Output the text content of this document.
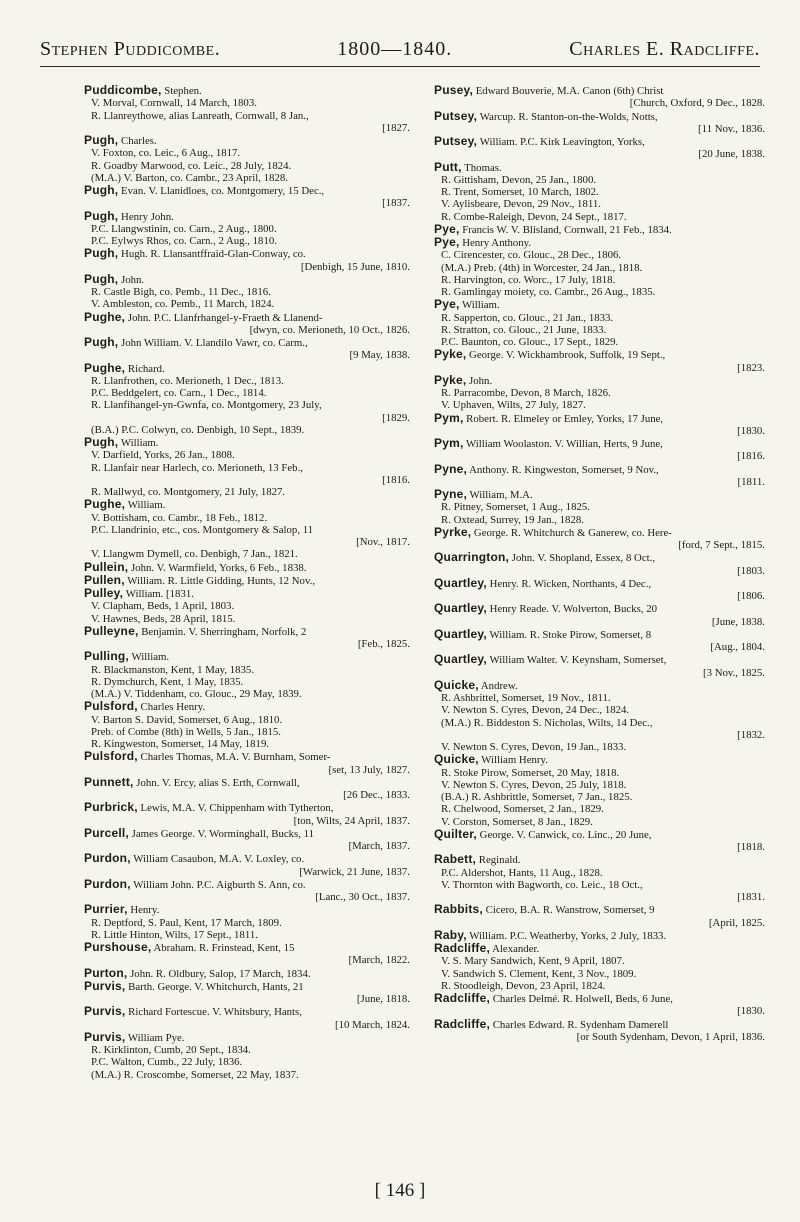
Stephen Puddicombe.	1800—1840.	Charles E. Radcliffe.

Puddicombe, Stephen.
V. Morval, Cornwall, 14 March, 1803.
R. Llanreythowe, alias Lanreath, Cornwall, 8 Jan.,
[1827.

Pugh, Charles.
V. Foxton, co. Leic., 6 Aug., 1817.
R. Goadby Marwood, co. Leic., 28 July, 1824.
(M.A.) V. Barton, co. Cambr., 23 April, 1828.

Pugh, Evan. V. Llanidloes, co. Montgomery, 15 Dec.,
[1837.

Pugh, Henry John.
P.C. Llangwstinin, co. Carn., 2 Aug., 1800.
P.C. Eylwys Rhos, co. Carn., 2 Aug., 1810.

Pugh, Hugh. R. Llansantffraid-Glan-Conway, co.
[Denbigh, 15 June, 1810.

Pugh, John.
R. Castle Bigh, co. Pemb., 11 Dec., 1816.
V. Ambleston, co. Pemb., 11 March, 1824.

Pughe, John. P.C. Llanfrhangel-y-Fraeth & Llanend-
[dwyn, co. Merioneth, 10 Oct., 1826.

Pugh, John William. V. Llandilo Vawr, co. Carm.,
[9 May, 1838.

Pughe, Richard.
R. Llanfrothen, co. Merioneth, 1 Dec., 1813.
P.C. Beddgelert, co. Carn., 1 Dec., 1814.
R. Llanfihangel-yn-Gwnfa, co. Montgomery, 23 July,
[1829.
(B.A.) P.C. Colwyn, co. Denbigh, 10 Sept., 1839.

Pugh, William.
V. Darfield, Yorks, 26 Jan., 1808.
R. Llanfair near Harlech, co. Merioneth, 13 Feb.,
[1816.
R. Mallwyd, co. Montgomery, 21 July, 1827.

Pughe, William.
V. Bottisham, co. Cambr., 18 Feb., 1812.
P.C. Llandrinio, etc., cos. Montgomery & Salop, 11
[Nov., 1817.
V. Llangwm Dymell, co. Denbigh, 7 Jan., 1821.

Pullein, John. V. Warmfield, Yorks, 6 Feb., 1838.

Pullen, William. R. Little Gidding, Hunts, 12 Nov.,

Pulley, William. [1831.
V. Clapham, Beds, 1 April, 1803.
V. Hawnes, Beds, 28 April, 1815.

Pulleyne, Benjamin. V. Sherringham, Norfolk, 2
[Feb., 1825.

Pulling, William.
R. Blackmanston, Kent, 1 May, 1835.
R. Dymchurch, Kent, 1 May, 1835.
(M.A.) V. Tiddenham, co. Glouc., 29 May, 1839.

Pulsford, Charles Henry.
V. Barton S. David, Somerset, 6 Aug., 1810.
Preb. of Combe (8th) in Wells, 5 Jan., 1815.
R. Kingweston, Somerset, 14 May, 1819.

Pulsford, Charles Thomas, M.A. V. Burnham, Somer-
[set, 13 July, 1827.

Punnett, John. V. Ercy, alias S. Erth, Cornwall,
[26 Dec., 1833.

Purbrick, Lewis, M.A. V. Chippenham with Tytherton,
[ton, Wilts, 24 April, 1837.

Purcell, James George. V. Worminghall, Bucks, 11
[March, 1837.

Purdon, William Casaubon, M.A. V. Loxley, co.
[Warwick, 21 June, 1837.

Purdon, William John. P.C. Aigburth S. Ann, co.
[Lanc., 30 Oct., 1837.

Purrier, Henry.
R. Deptford, S. Paul, Kent, 17 March, 1809.
R. Little Hinton, Wilts, 17 Sept., 1811.

Purshouse, Abraham. R. Frinstead, Kent, 15
[March, 1822.

Purton, John. R. Oldbury, Salop, 17 March, 1834.

Purvis, Barth. George. V. Whitchurch, Hants, 21
[June, 1818.

Purvis, Richard Fortescue. V. Whitsbury, Hants,
[10 March, 1824.

Purvis, William Pye.
R. Kirklinton, Cumb, 20 Sept., 1834.
P.C. Walton, Cumb., 22 July, 1836.
(M.A.) R. Croscombe, Somerset, 22 May, 1837.

Pusey, Edward Bouverie, M.A. Canon (6th) Christ
[Church, Oxford, 9 Dec., 1828.

Putsey, Warcup. R. Stanton-on-the-Wolds, Notts,
[11 Nov., 1836.

Putsey, William. P.C. Kirk Leavington, Yorks,
[20 June, 1838.

Putt, Thomas.
R. Gittisham, Devon, 25 Jan., 1800.
R. Trent, Somerset, 10 March, 1802.
V. Aylisbeare, Devon, 29 Nov., 1811.
R. Combe-Raleigh, Devon, 24 Sept., 1817.

Pye, Francis W. V. Blisland, Cornwall, 21 Feb., 1834.

Pye, Henry Anthony.
C. Cirencester, co. Glouc., 28 Dec., 1806.
(M.A.) Preb. (4th) in Worcester, 24 Jan., 1818.
R. Harvington, co. Worc., 17 July, 1818.
R. Gamlingay moiety, co. Cambr., 26 Aug., 1835.

Pye, William.
R. Sapperton, co. Glouc., 21 Jan., 1833.
R. Stratton, co. Glouc., 21 June, 1833.
P.C. Baunton, co. Glouc., 17 Sept., 1829.

Pyke, George. V. Wickhambrook, Suffolk, 19 Sept.,
[1823.

Pyke, John.
R. Parracombe, Devon, 8 March, 1826.
V. Uphaven, Wilts, 27 July, 1827.

Pym, Robert. R. Elmeley or Emley, Yorks, 17 June,
[1830.

Pym, William Woolaston. V. Willian, Herts, 9 June,
[1816.

Pyne, Anthony. R. Kingweston, Somerset, 9 Nov.,
[1811.

Pyne, William, M.A.
R. Pitney, Somerset, 1 Aug., 1825.
R. Oxtead, Surrey, 19 Jan., 1828.

Pyrke, George. R. Whitchurch & Ganerew, co. Here-
[ford, 7 Sept., 1815.

Quarrington, John. V. Shopland, Essex, 8 Oct.,
[1803.

Quartley, Henry. R. Wicken, Northants, 4 Dec.,
[1806.

Quartley, Henry Reade. V. Wolverton, Bucks, 20
[June, 1838.

Quartley, William. R. Stoke Pirow, Somerset, 8
[Aug., 1804.

Quartley, William Walter. V. Keynsham, Somerset,
[3 Nov., 1825.

Quicke, Andrew.
R. Ashbrittel, Somerset, 19 Nov., 1811.
V. Newton S. Cyres, Devon, 24 Dec., 1824.
(M.A.) R. Biddeston S. Nicholas, Wilts, 14 Dec.,
[1832.
V. Newton S. Cyres, Devon, 19 Jan., 1833.

Quicke, William Henry.
R. Stoke Pirow, Somerset, 20 May, 1818.
V. Newton S. Cyres, Devon, 25 July, 1818.
(B.A.) R. Ashbrittle, Somerset, 7 Jan., 1825.
R. Chelwood, Somerset, 2 Jan., 1829.
V. Corston, Somerset, 8 Jan., 1829.

Quilter, George. V. Canwick, co. Linc., 20 June,
[1818.

Rabett, Reginald.
P.C. Aldershot, Hants, 11 Aug., 1828.
V. Thornton with Bagworth, co. Leic., 18 Oct.,
[1831.

Rabbits, Cicero, B.A. R. Wanstrow, Somerset, 9
[April, 1825.

Raby, William. P.C. Weatherby, Yorks, 2 July, 1833.

Radcliffe, Alexander.
V. S. Mary Sandwich, Kent, 9 April, 1807.
V. Sandwich S. Clement, Kent, 3 Nov., 1809.
R. Stoodleigh, Devon, 23 April, 1824.

Radcliffe, Charles Delmé. R. Holwell, Beds, 6 June,
[1830.

Radcliffe, Charles Edward. R. Sydenham Damerell
[or South Sydenham, Devon, 1 April, 1836.

[ 146 ]
